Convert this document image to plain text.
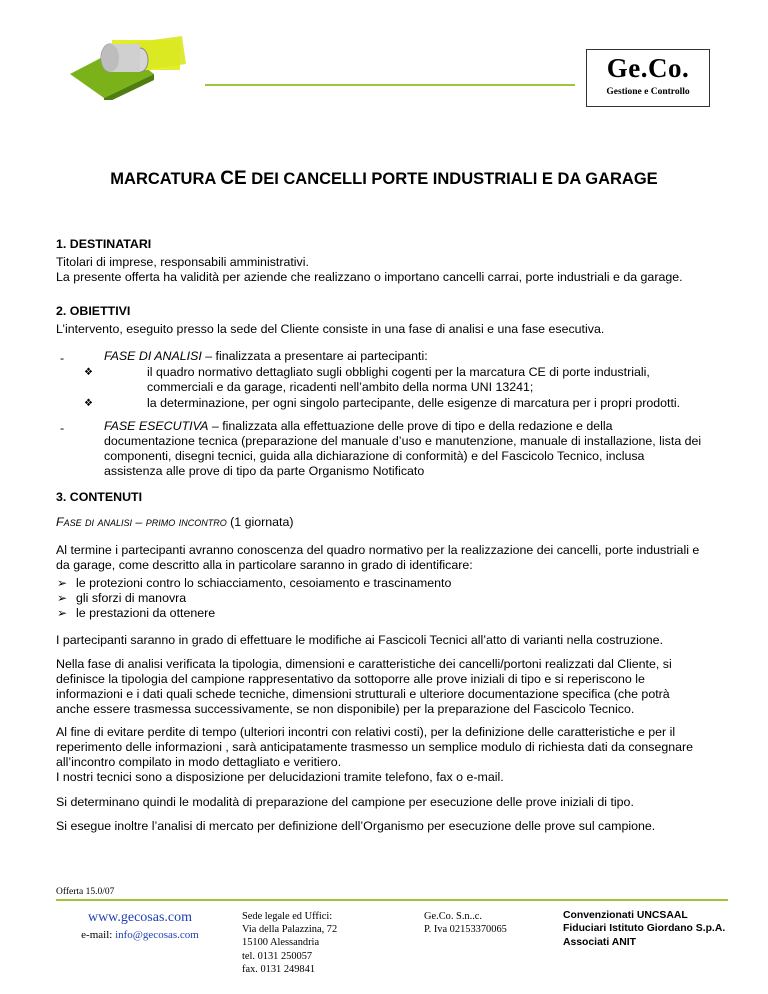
Ge.Co.
Gestione e Controllo
MARCATURA CE DEI CANCELLI PORTE INDUSTRIALI E DA GARAGE
1. DESTINATARI
Titolari di imprese, responsabili amministrativi.
La presente offerta ha validità per aziende che realizzano o importano cancelli carrai, porte industriali e da garage.
2. OBIETTIVI
L’intervento, eseguito presso la sede del Cliente consiste in una fase di analisi e una fase esecutiva.
-	FASE DI ANALISI – finalizzata a presentare ai partecipanti:
❖	il quadro normativo dettagliato sugli obblighi cogenti per la marcatura CE di porte industriali,
commerciali e da garage, ricadenti nell’ambito della norma UNI 13241;
❖	la determinazione, per ogni singolo partecipante, delle esigenze di marcatura per i propri prodotti.
-	FASE ESECUTIVA – finalizzata alla effettuazione delle prove di tipo e della redazione e della
documentazione tecnica (preparazione del manuale d’uso e manutenzione, manuale di installazione, lista dei
componenti, disegni tecnici, guida alla dichiarazione di conformità) e del Fascicolo Tecnico, inclusa
assistenza alle prove di tipo da parte Organismo Notificato
3. CONTENUTI
Fase di analisi – primo incontro (1 giornata)
Al termine i partecipanti avranno conoscenza del quadro normativo per la realizzazione dei cancelli, porte industriali e
da garage, come descritto alla in particolare saranno in grado di identificare:
➢ le protezioni contro lo schiacciamento, cesoiamento e trascinamento
➢ gli sforzi di manovra
➢ le prestazioni da ottenere
I partecipanti saranno in grado di effettuare le modifiche ai Fascicoli Tecnici all’atto di varianti nella costruzione.
Nella fase di analisi verificata la tipologia, dimensioni e caratteristiche dei cancelli/portoni realizzati dal Cliente, si
definisce la tipologia del campione rappresentativo da sottoporre alle prove iniziali di tipo e si reperiscono le
informazioni e i dati quali schede tecniche, dimensioni strutturali e ulteriore documentazione specifica (che potrà
anche essere trasmessa successivamente, se non disponibile) per la preparazione del Fascicolo Tecnico.
Al fine di evitare perdite di tempo (ulteriori incontri con relativi costi), per la definizione delle caratteristiche e per il
reperimento delle informazioni , sarà anticipatamente trasmesso un semplice modulo di richiesta dati da consegnare
all’incontro compilato in modo dettagliato e veritiero.
I nostri tecnici sono a disposizione per delucidazioni tramite telefono, fax o e-mail.
Si determinano quindi le modalità di preparazione del campione per esecuzione delle prove iniziali di tipo.
Si esegue inoltre l’analisi di mercato per definizione dell’Organismo per esecuzione delle prove sul campione.
Offerta 15.0/07
www.gecosas.com
e-mail: info@gecosas.com
Sede legale ed Uffici:
Via della Palazzina, 72
15100 Alessandria
tel. 0131 250057
fax. 0131 249841
Ge.Co. S.n..c.
P. Iva 02153370065
Convenzionati UNCSAAL
Fiduciari Istituto Giordano S.p.A.
Associati ANIT
